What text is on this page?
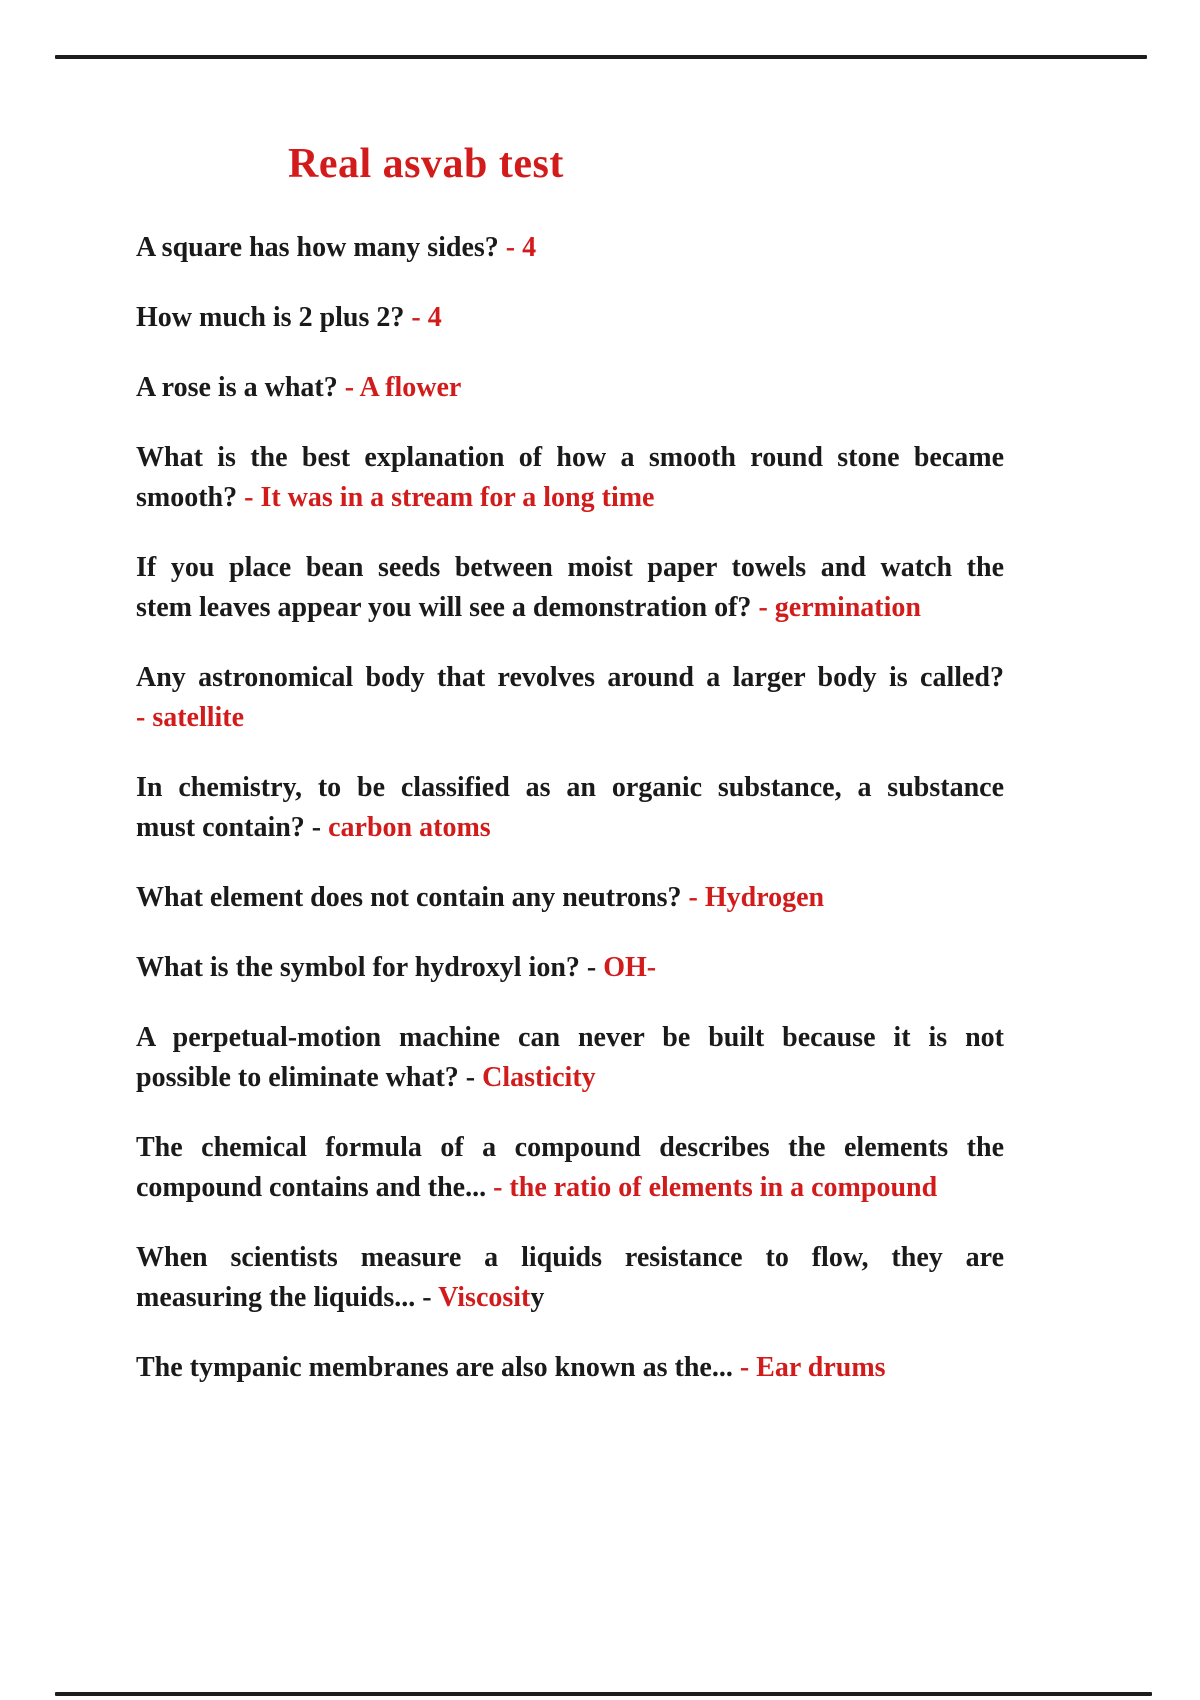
Real asvab test
A square has how many sides? - 4
How much is 2 plus 2? - 4
A rose is a what? - A flower
What is the best explanation of how a smooth round stone became
smooth? - It was in a stream for a long time
If you place bean seeds between moist paper towels and watch the
stem leaves appear you will see a demonstration of? - germination
Any astronomical body that revolves around a larger body is called?
- satellite
In chemistry, to be classified as an organic substance, a substance
must contain? - carbon atoms
What element does not contain any neutrons? - Hydrogen
What is the symbol for hydroxyl ion? - OH-
A perpetual-motion machine can never be built because it is not
possible to eliminate what? - Clasticity
The chemical formula of a compound describes the elements the
compound contains and the... - the ratio of elements in a compound
When scientists measure a liquids resistance to flow, they are
measuring the liquids... - Viscosity
The tympanic membranes are also known as the... - Ear drums
